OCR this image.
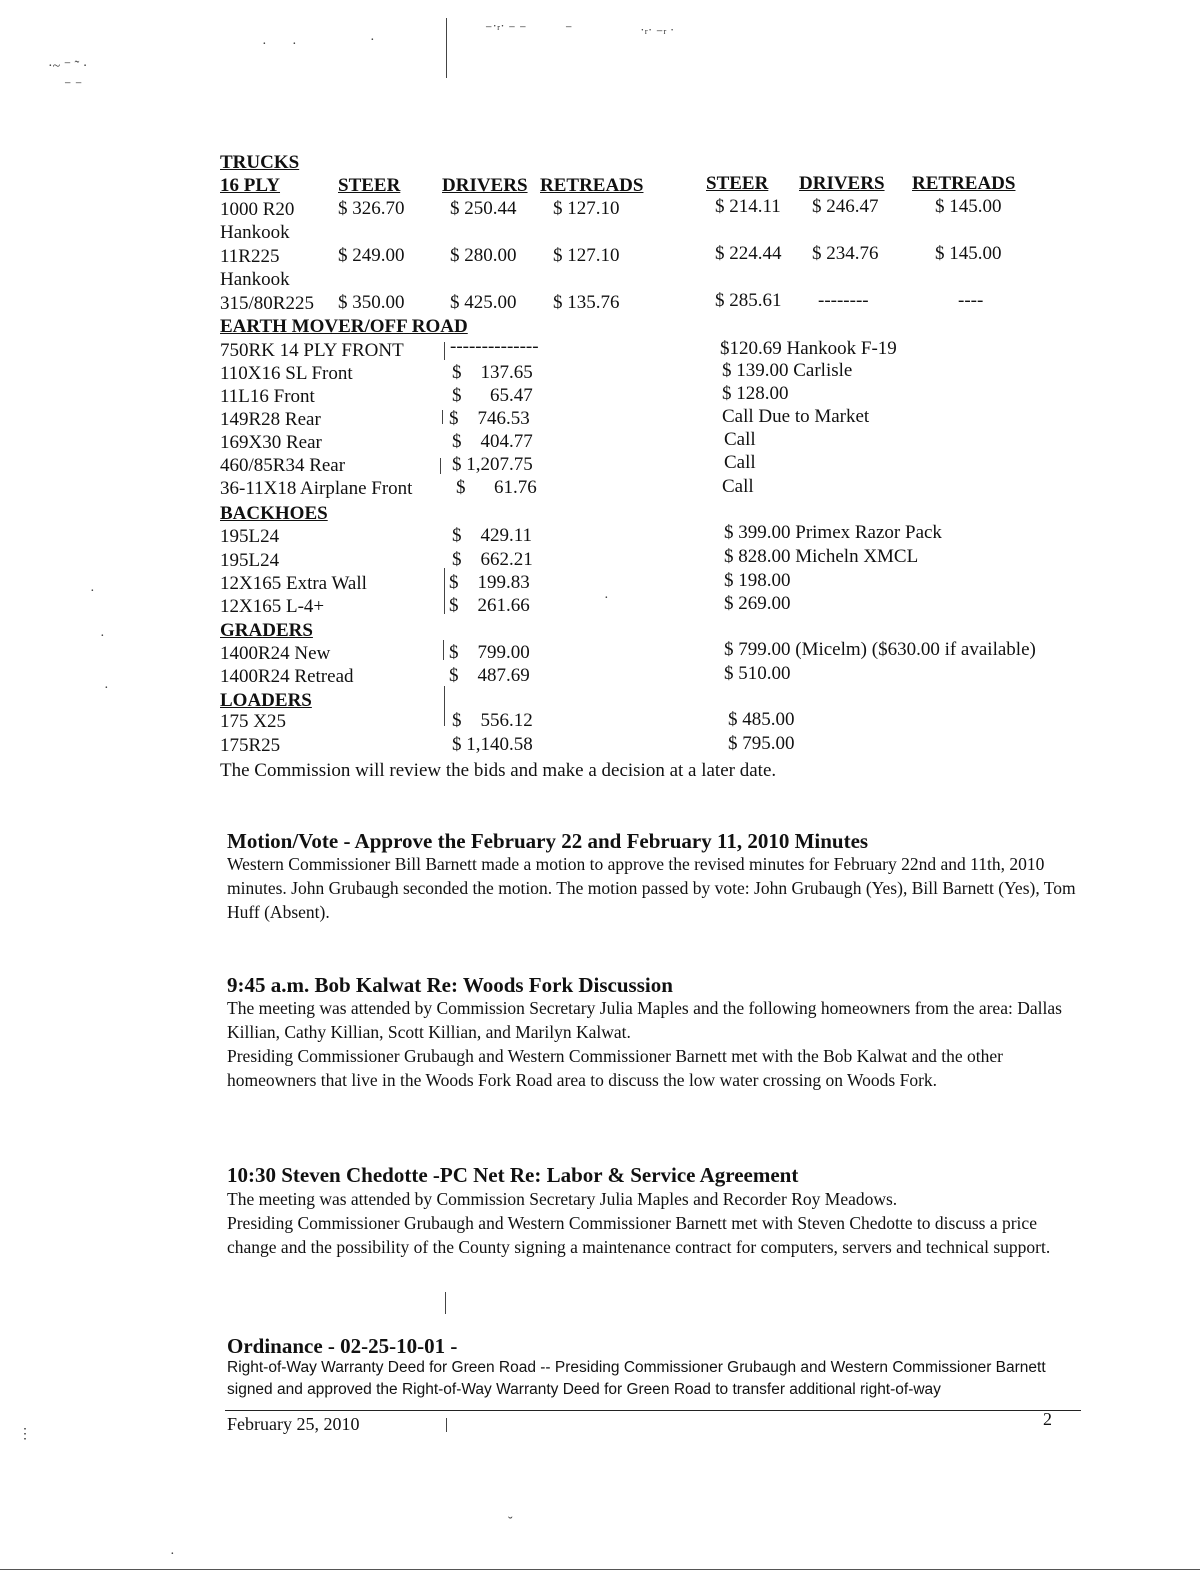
·~ ⁻ ˜ ·
⁻ ⁻
· ·	·
⁻˙ʳ˙ ⁻ ⁻	⁻	˙ʳ˙ ⁻ʳ ˙
·
·
·
·
⋮
·
˘
TRUCKS
16 PLY	STEER DRIVERS RETREADS	STEER DRIVERS RETREADS
1000 R20 $ 326.70 $ 250.44 $ 127.10	$ 214.11 $ 246.47	$ 145.00
Hankook
11R225	$ 249.00 $ 280.00 $ 127.10	$ 224.44 $ 234.76	$ 145.00
Hankook
315/80R225 $ 350.00 $ 425.00 $ 135.76	$ 285.61 --------	----
EARTH MOVER/OFF ROAD
750RK 14 PLY FRONT --------------	$120.69 Hankook F-19
110X16 SL Front	$    137.65	$ 139.00 Carlisle
11L16 Front	$      65.47	$ 128.00
149R28 Rear	$    746.53	Call Due to Market
169X30 Rear	$    404.77	Call
460/85R34 Rear	$ 1,207.75	Call
36-11X18 Airplane Front $      61.76	Call
BACKHOES
195L24	$    429.11	$ 399.00 Primex Razor Pack
195L24	$    662.21	$ 828.00 Micheln XMCL
12X165 Extra Wall	$    199.83	$ 198.00
12X165 L-4+	$    261.66	$ 269.00
GRADERS
1400R24 New	$    799.00	$ 799.00 (Micelm) ($630.00 if available)
1400R24 Retread	$    487.69	$ 510.00
LOADERS
175 X25	$    556.12	$ 485.00
175R25	$ 1,140.58	$ 795.00
The Commission will review the bids and make a decision at a later date.
Motion/Vote - Approve the February 22 and February 11, 2010 Minutes

Western Commissioner Bill Barnett made a motion to approve the revised minutes for February 22nd and 11th, 2010 minutes. John Grubaugh seconded the motion. The motion passed by vote: John Grubaugh (Yes), Bill Barnett (Yes), Tom Huff (Absent).

9:45 a.m. Bob Kalwat Re: Woods Fork Discussion

The meeting was attended by Commission Secretary Julia Maples and the following homeowners from the area: Dallas Killian, Cathy Killian, Scott Killian, and Marilyn Kalwat.

Presiding Commissioner Grubaugh and Western Commissioner Barnett met with the Bob Kalwat and the other homeowners that live in the Woods Fork Road area to discuss the low water crossing on Woods Fork.

10:30 Steven Chedotte -PC Net Re: Labor & Service Agreement

The meeting was attended by Commission Secretary Julia Maples and Recorder Roy Meadows.

Presiding Commissioner Grubaugh and Western Commissioner Barnett met with Steven Chedotte to discuss a price change and the possibility of the County signing a maintenance contract for computers, servers and technical support.

Ordinance - 02-25-10-01 -

Right-of-Way Warranty Deed for Green Road -- Presiding Commissioner Grubaugh and Western Commissioner Barnett signed and approved the Right-of-Way Warranty Deed for Green Road to transfer additional right-of-way

February 25, 2010	2
